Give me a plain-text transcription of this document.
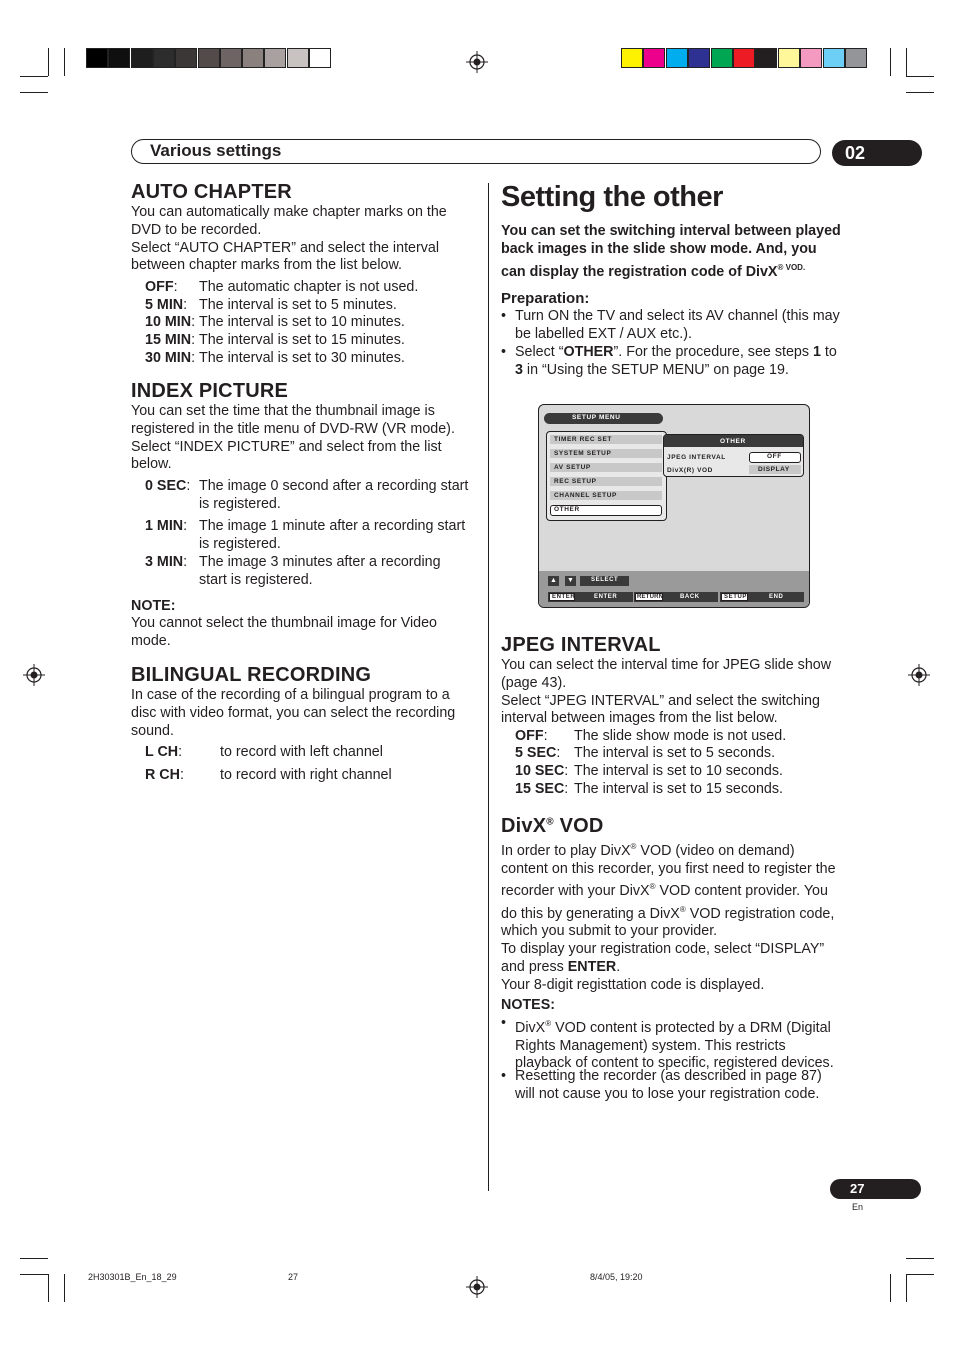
Various settings	02
AUTO CHAPTER
You can automatically make chapter marks on the
DVD to be recorded.
Select “AUTO CHAPTER” and select the interval
between chapter marks from the list below.
OFF: The automatic chapter is not used.
5 MIN: The interval is set to 5 minutes.
10 MIN: The interval is set to 10 minutes.
15 MIN: The interval is set to 15 minutes.
30 MIN: The interval is set to 30 minutes.
INDEX PICTURE
You can set the time that the thumbnail image is
registered in the title menu of DVD-RW (VR mode).
Select “INDEX PICTURE” and select from the list
below.
0 SEC: The image 0 second after a recording start
is registered.
1 MIN: The image 1 minute after a recording start
is registered.
3 MIN: The image 3 minutes after a recording
start is registered.
NOTE:
You cannot select the thumbnail image for Video
mode.
BILINGUAL RECORDING
In case of the recording of a bilingual program to a
disc with video format, you can select the recording
sound.
L CH:	to record with left channel
R CH:	to record with right channel
Setting the other
You can set the switching interval between played
back images in the slide show mode. And, you
can display the registration code of DivX$^{® VOD.}$
Preparation:
• Turn ON the TV and select its AV channel (this may
be labelled EXT / AUX etc.).
• Select “OTHER”. For the procedure, see steps 1 to
3 in “Using the SETUP MENU” on page 19.
SETUP MENU
TIMER REC SET
SYSTEM SETUP
AV SETUP
REC SETUP
CHANNEL SETUP
OTHER
OTHER
JPEG INTERVAL	OFF
DivX(R) VOD	DISPLAY
▲ ▼	SELECT
ENTER	ENTER	RETURN	BACK	SETUP	END
JPEG INTERVAL
You can select the interval time for JPEG slide show
(page 43).
Select “JPEG INTERVAL” and select the switching
interval between images from the list below.
OFF: The slide show mode is not used.
5 SEC: The interval is set to 5 seconds.
10 SEC: The interval is set to 10 seconds.
15 SEC: The interval is set to 15 seconds.
DivX® VOD
In order to play DivX® VOD (video on demand)
content on this recorder, you first need to register the
recorder with your DivX® VOD content provider. You
do this by generating a DivX® VOD registration code,
which you submit to your provider.
To display your registration code, select “DISPLAY”
and press ENTER.
Your 8-digit registtation code is displayed.
NOTES:
• DivX® VOD content is protected by a DRM (Digital
Rights Management) system. This restricts
playback of content to specific, registered devices.
• Resetting the recorder (as described in page 87)
will not cause you to lose your registration code.
27
En
2H30301B_En_18_29	27	8/4/05, 19:20
